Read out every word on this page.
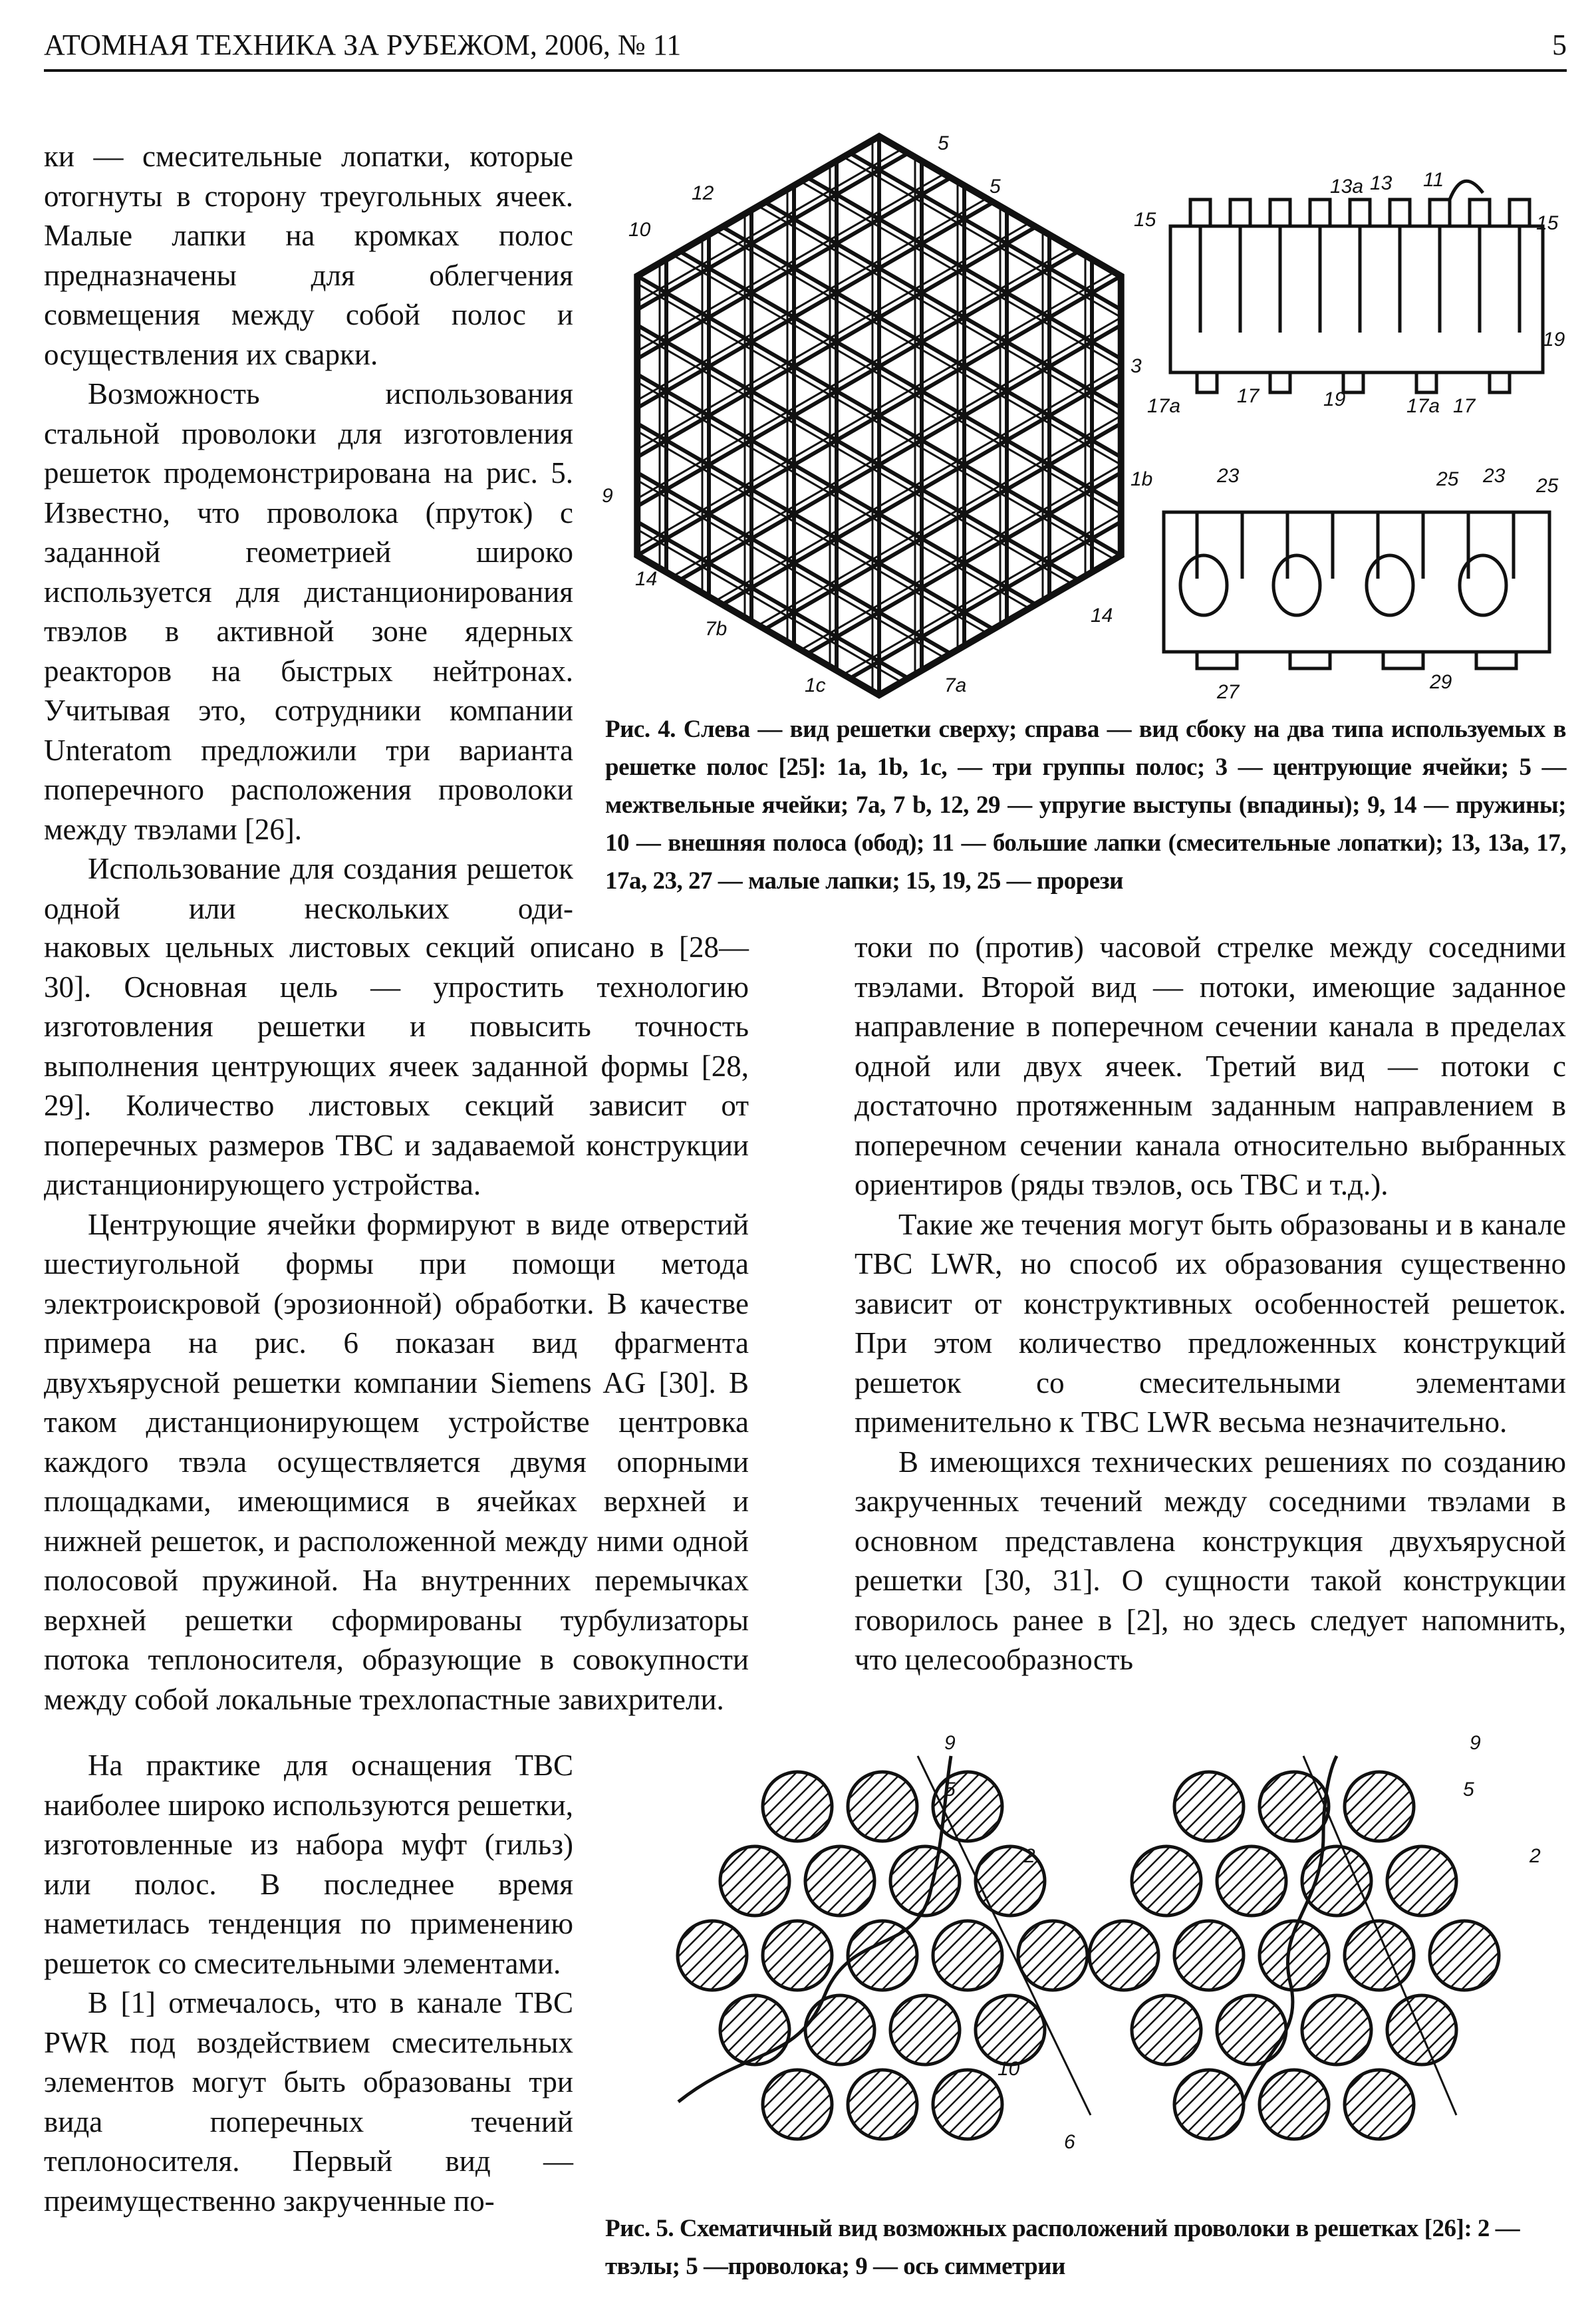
АТОМНАЯ ТЕХНИКА ЗА РУБЕЖОМ, 2006, № 11	5

ки — смесительные лопатки, которые отогнуты в сторону треугольных ячеек. Малые лапки на кромках полос предназначены для облегчения совмещения между собой полос и осуществления их сварки.

Возможность использования стальной проволоки для изготовления решеток продемонстрирована на рис. 5. Известно, что проволока (пруток) с заданной геометрией широко используется для дистанционирования твэлов в активной зоне ядерных реакторов на быстрых нейтронах. Учитывая это, сотрудники компании Unteratom предложили три варианта поперечного расположения проволоки между твэлами [26].

Использование для создания решеток одной или нескольких оди-

наковых цельных листовых секций описано в [28—30]. Основная цель — упростить технологию изготовления решетки и повысить точность выполнения центрующих ячеек заданной формы [28, 29]. Количество листовых секций зависит от поперечных размеров ТВС и задаваемой конструкции дистанционирующего устройства.

Центрующие ячейки формируют в виде отверстий шестиугольной формы при помощи метода электроискровой (эрозионной) обработки. В качестве примера на рис. 6 показан вид фрагмента двухъярусной решетки компании Siemens AG [30]. В таком дистанционирующем устройстве центровка каждого твэла осуществляется двумя опорными площадками, имеющимися в ячейках верхней и нижней решеток, и расположенной между ними одной полосовой пружиной. На внутренних перемычках верхней решетки сформированы турбулизаторы потока теплоносителя, образующие в совокупности между собой локальные трехлопастные завихрители.

токи по (против) часовой стрелке между соседними твэлами. Второй вид — потоки, имеющие заданное направление в поперечном сечении канала в пределах одной или двух ячеек. Третий вид — потоки с достаточно протяженным заданным направлением в поперечном сечении канала относительно выбранных ориентиров (ряды твэлов, ось ТВС и т.д.).

Такие же течения могут быть образованы и в канале ТВС LWR, но способ их образования существенно зависит от конструктивных особенностей решеток. При этом количество предложенных конструкций решеток со смесительными элементами применительно к ТВС LWR весьма незначительно.

В имеющихся технических решениях по созданию закрученных течений между соседними твэлами в основном представлена конструкция двухъярусной решетки [30, 31]. О сущности такой конструкции говорилось ранее в [2], но здесь следует напомнить, что целесообразность

На практике для оснащения ТВС наиболее широко используются решетки, изготовленные из набора муфт (гильз) или полос. В последнее время наметилась тенденция по применению решеток со смесительными элементами.

В [1] отмечалось, что в канале ТВС PWR под воздействием смесительных элементов могут быть образованы три вида поперечных течений теплоносителя. Первый вид — преимущественно закрученные по-

5
5
12
10
3
1b
9
14
7b
1c	7a
14
13a 13 11
15	15
19
17a	17	19	17a 17
23	25 23 25
27	29
Рис. 4. Слева — вид решетки сверху; справа — вид сбоку на два типа используемых в решетке полос [25]: 1a, 1b, 1c, — три группы полос; 3 — центрующие ячейки; 5 — межтвельные ячейки; 7a, 7 b, 12, 29 — упругие выступы (впадины); 9, 14 — пружины; 10 — внешняя полоса (обод); 11 — большие лапки (смесительные лопатки); 13, 13a, 17, 17a, 23, 27 — малые лапки; 15, 19, 25 — прорези
9
5
2
10
6
9
5
2
Рис. 5. Схематичный вид возможных расположений проволоки в решетках [26]: 2 — твэлы; 5 —проволока; 9 — ось симметрии
